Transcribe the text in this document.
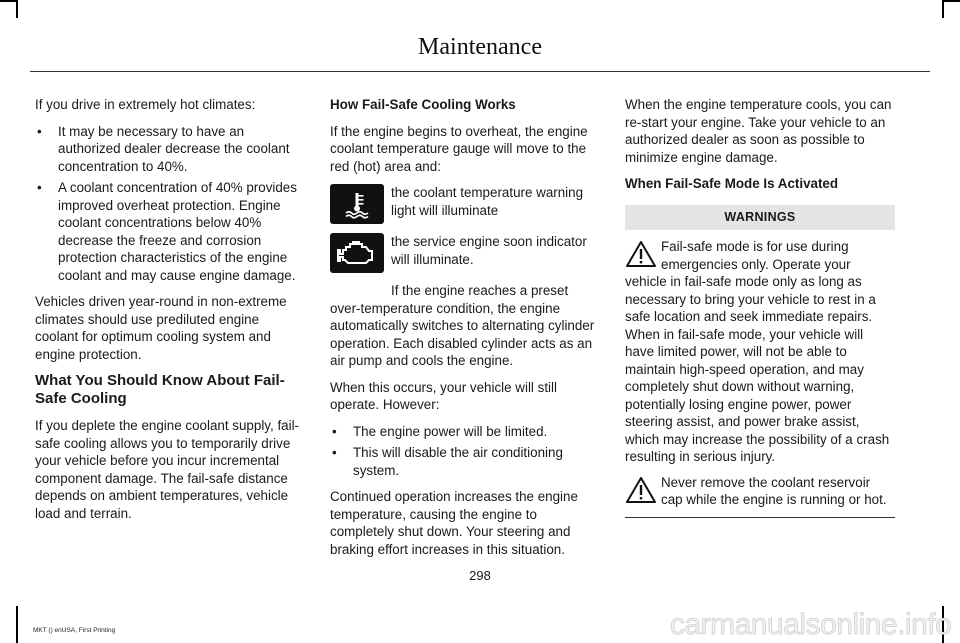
Maintenance

If you drive in extremely hot climates:

• It may be necessary to have an authorized dealer decrease the coolant concentration to 40%.
• A coolant concentration of 40% provides improved overheat protection. Engine coolant concentrations below 40% decrease the freeze and corrosion protection characteristics of the engine coolant and may cause engine damage.

Vehicles driven year-round in non-extreme climates should use prediluted engine coolant for optimum cooling system and engine protection.

What You Should Know About Fail-Safe Cooling

If you deplete the engine coolant supply, fail-safe cooling allows you to temporarily drive your vehicle before you incur incremental component damage. The fail-safe distance depends on ambient temperatures, vehicle load and terrain.

How Fail-Safe Cooling Works

If the engine begins to overheat, the engine coolant temperature gauge will move to the red (hot) area and:

the coolant temperature warning light will illuminate
the service engine soon indicator will illuminate.

If the engine reaches a preset over-temperature condition, the engine automatically switches to alternating cylinder operation. Each disabled cylinder acts as an air pump and cools the engine.

When this occurs, your vehicle will still operate. However:

• The engine power will be limited.
• This will disable the air conditioning system.

Continued operation increases the engine temperature, causing the engine to completely shut down. Your steering and braking effort increases in this situation.

When the engine temperature cools, you can re-start your engine. Take your vehicle to an authorized dealer as soon as possible to minimize engine damage.

When Fail-Safe Mode Is Activated
WARNINGS
Fail-safe mode is for use during emergencies only. Operate your vehicle in fail-safe mode only as long as necessary to bring your vehicle to rest in a safe location and seek immediate repairs. When in fail-safe mode, your vehicle will have limited power, will not be able to maintain high-speed operation, and may completely shut down without warning, potentially losing engine power, power steering assist, and power brake assist, which may increase the possibility of a crash resulting in serious injury.
Never remove the coolant reservoir cap while the engine is running or hot.
298
MKT () enUSA, First Printing	carmanualsonline.info
